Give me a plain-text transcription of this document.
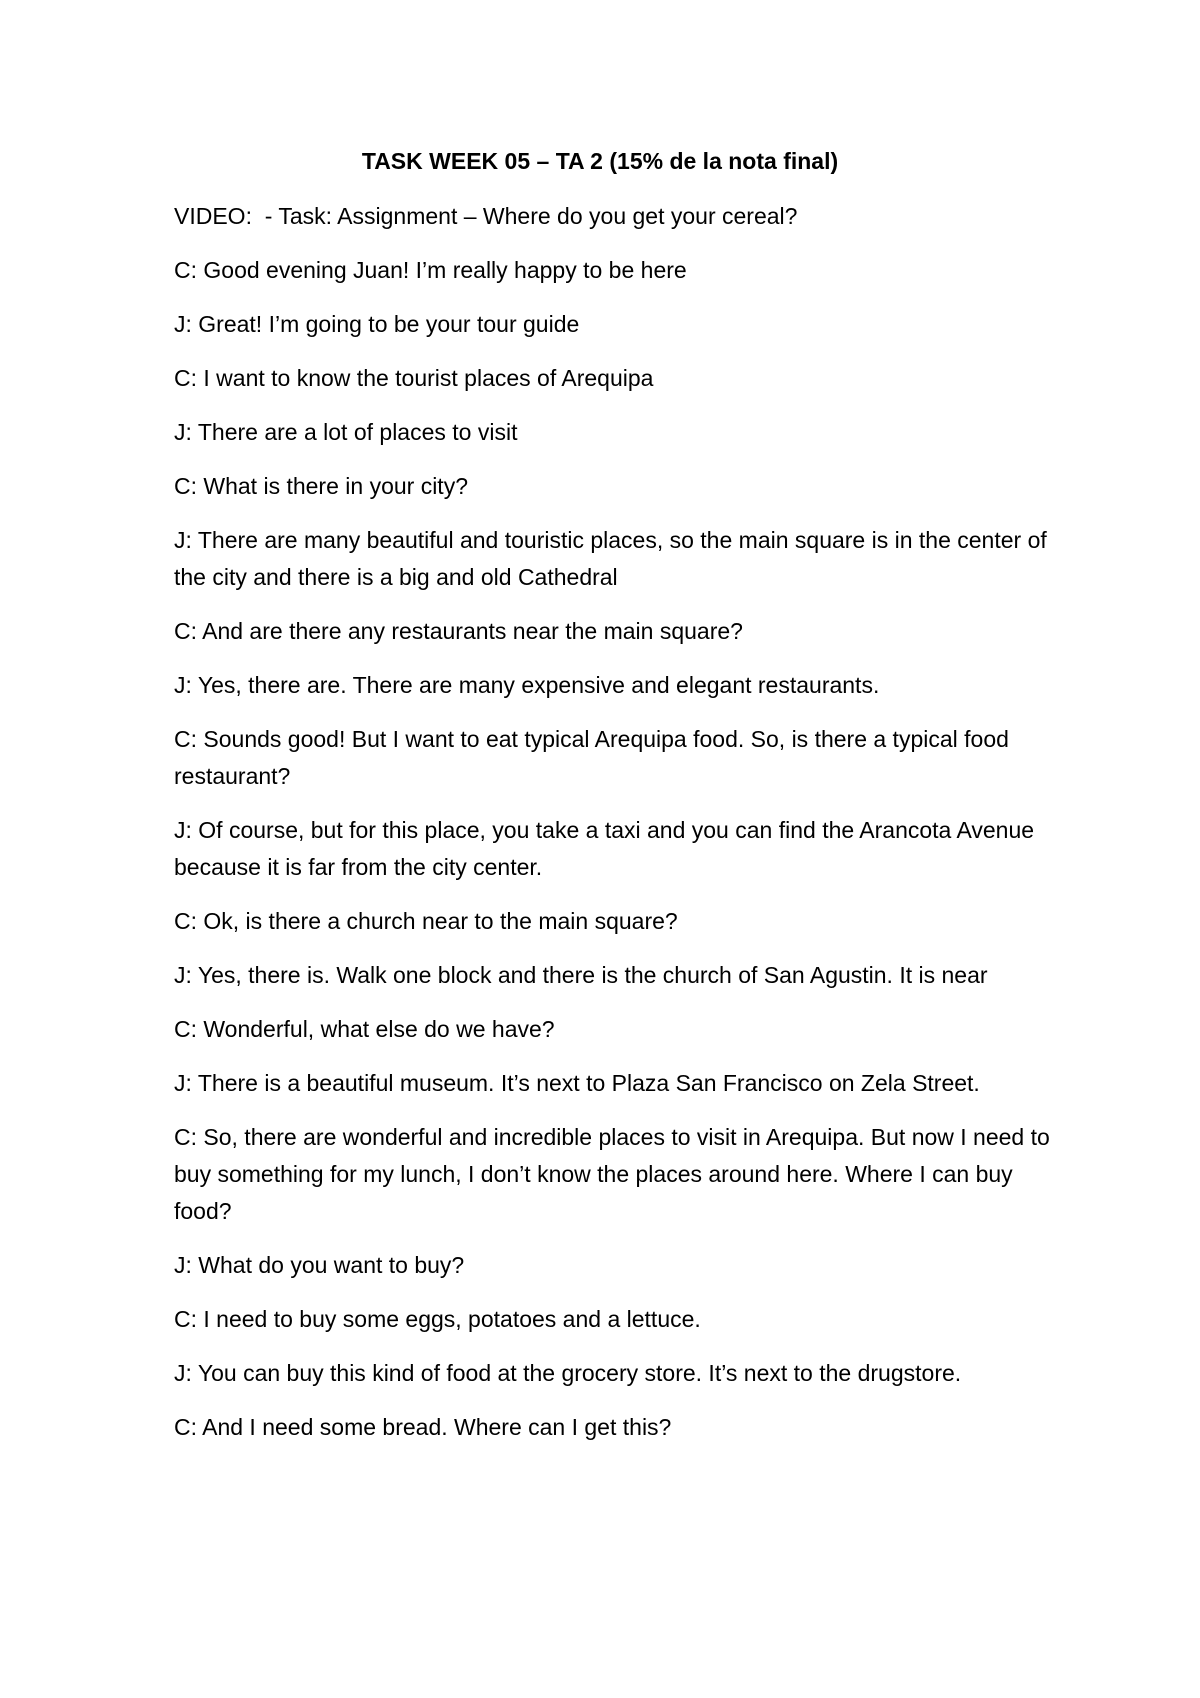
TASK WEEK 05 – TA 2 (15% de la nota final)

VIDEO:  - Task: Assignment – Where do you get your cereal?

C: Good evening Juan! I’m really happy to be here

J: Great! I’m going to be your tour guide

C: I want to know the tourist places of Arequipa

J: There are a lot of places to visit

C: What is there in your city?

J: There are many beautiful and touristic places, so the main square is in the center of the city and there is a big and old Cathedral

C: And are there any restaurants near the main square?

J: Yes, there are. There are many expensive and elegant restaurants.

C: Sounds good! But I want to eat typical Arequipa food. So, is there a typical food restaurant?

J: Of course, but for this place, you take a taxi and you can find the Arancota Avenue because it is far from the city center.

C: Ok, is there a church near to the main square?

J: Yes, there is. Walk one block and there is the church of San Agustin. It is near

C: Wonderful, what else do we have?

J: There is a beautiful museum. It’s next to Plaza San Francisco on Zela Street.

C: So, there are wonderful and incredible places to visit in Arequipa. But now I need to buy something for my lunch, I don’t know the places around here. Where I can buy food?

J: What do you want to buy?

C: I need to buy some eggs, potatoes and a lettuce.

J: You can buy this kind of food at the grocery store. It’s next to the drugstore.

C: And I need some bread. Where can I get this?
